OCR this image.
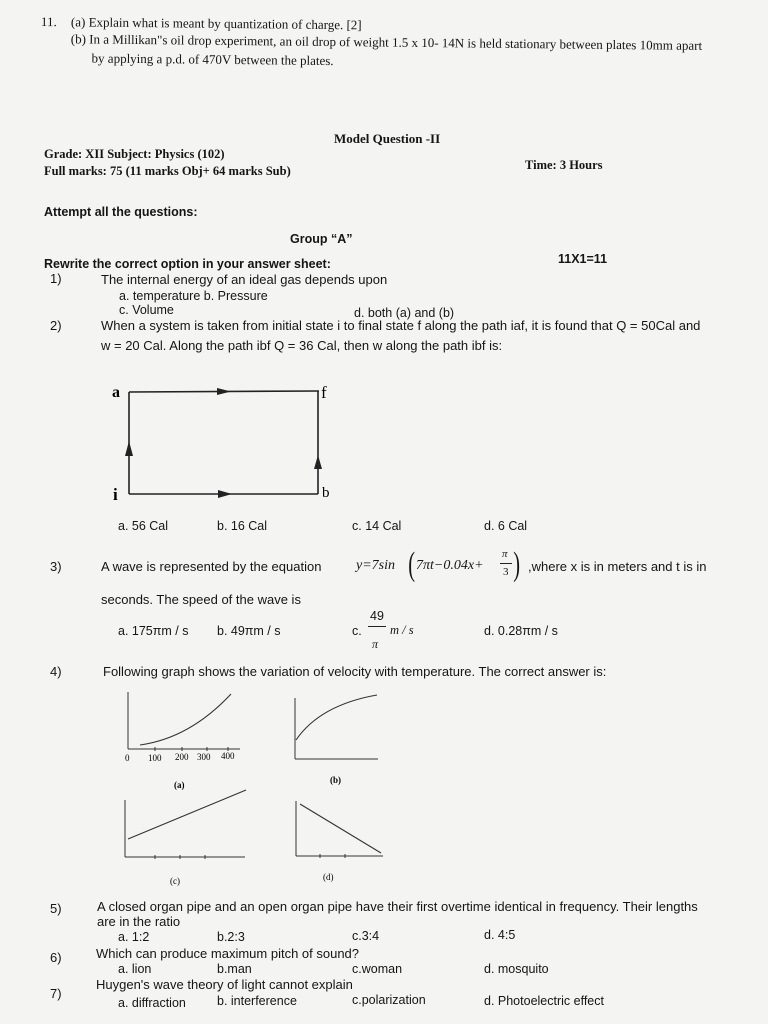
11. (a) Explain what is meant by quantization of charge. [2]
(b) In a Millikan"s oil drop experiment, an oil drop of weight 1.5 x 10- 14N is held stationary between plates 10mm apart
by applying a p.d. of 470V between the plates.
Model Question -II
Grade: XII Subject: Physics (102)
Full marks: 75 (11 marks Obj+ 64 marks Sub)	Time: 3 Hours
Attempt all the questions:
Group “A”
Rewrite the correct option in your answer sheet:	11X1=11
1)	The internal energy of an ideal gas depends upon
a. temperature b. Pressure
c. Volume	d. both (a) and (b)
2)	When a system is taken from initial state i to final state f along the path iaf, it is found that Q = 50Cal and
w = 20 Cal. Along the path ibf Q = 36 Cal, then w along the path ibf is:
a	f
i	b
a. 56 Cal	b. 16 Cal	c. 14 Cal	d. 6 Cal
3)	A wave is represented by the equation y=7sin ( 7πt−0.04x+
π
3 ) ,where x is in meters and t is in
seconds. The speed of the wave is
a. 175πm / s b. 49πm / s	c.
49
π
m / s	d. 0.28πm / s
4)	Following graph shows the variation of velocity with temperature. The correct answer is:
0 100 200 300 400
(a)	(b)
(c)	(d)
5)	A closed organ pipe and an open organ pipe have their first overtime identical in frequency. Their lengths
are in the ratio
a. 1:2	b.2:3	c.3:4	d. 4:5
6)	Which can produce maximum pitch of sound?
a. lion	b.man	c.woman	d. mosquito
7)
Huygen's wave theory of light cannot explain
a. diffraction b. interference	c.polarization	d. Photoelectric effect
